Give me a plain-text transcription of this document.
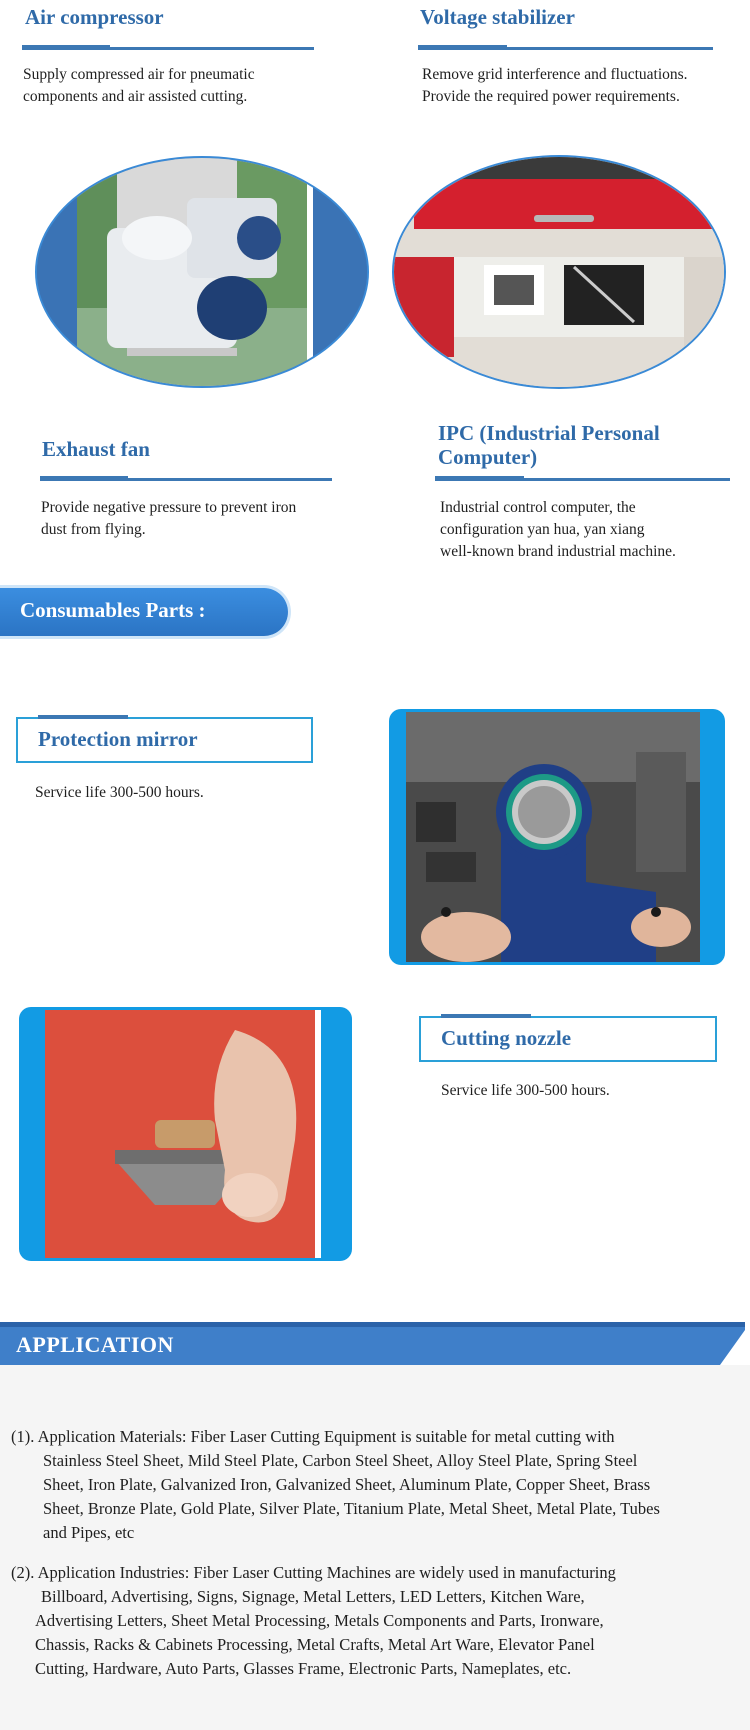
Air compressor
Supply compressed air for pneumatic
components and air assisted cutting.
Voltage stabilizer
Remove grid interference and fluctuations.
Provide the required power requirements.
Exhaust fan
Provide negative pressure to prevent iron
dust from flying.
IPC (Industrial Personal
Computer)
Industrial control computer, the
configuration yan hua, yan xiang
well-known brand industrial machine.
Consumables Parts :
Protection mirror
Service life 300-500 hours.
Cutting nozzle
Service life 300-500 hours.
APPLICATION
(1). Application Materials: Fiber Laser Cutting Equipment is suitable for metal cutting with
Stainless Steel Sheet, Mild Steel Plate, Carbon Steel Sheet, Alloy Steel Plate, Spring Steel
Sheet, Iron Plate, Galvanized Iron, Galvanized Sheet, Aluminum Plate, Copper Sheet, Brass
Sheet, Bronze Plate, Gold Plate, Silver Plate, Titanium Plate, Metal Sheet, Metal Plate, Tubes
and Pipes, etc
(2). Application Industries: Fiber Laser Cutting Machines are widely used in manufacturing
Billboard, Advertising, Signs, Signage, Metal Letters, LED Letters, Kitchen Ware,
Advertising Letters, Sheet Metal Processing, Metals Components and Parts, Ironware,
Chassis, Racks & Cabinets Processing, Metal Crafts, Metal Art Ware, Elevator Panel
Cutting, Hardware, Auto Parts, Glasses Frame, Electronic Parts, Nameplates, etc.
